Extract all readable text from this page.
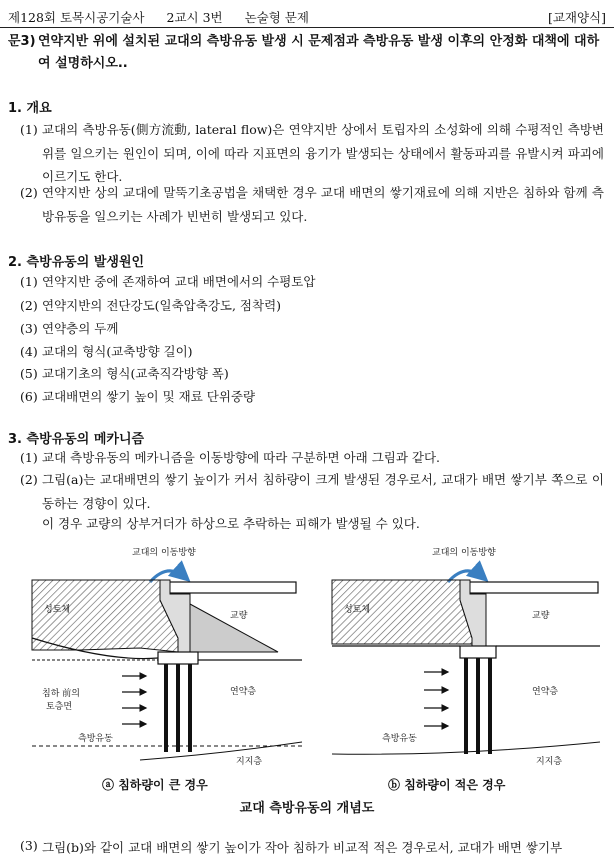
제128회 토목시공기술사 2교시 3번 논술형 문제	[교재양식]
문3) 연약지반 위에 설치된 교대의 측방유동 발생 시 문제점과 측방유동 발생 이후의 안정화 대책에 대하여 설명하시오..
1. 개요
(1) 교대의 측방유동(側方流動, lateral flow)은 연약지반 상에서 토립자의 소성화에 의해 수평적인 측방변위를 일으키는 원인이 되며, 이에 따라 지표면의 융기가 발생되는 상태에서 활동파괴를 유발시켜 파괴에 이르기도 한다.
(2) 연약지반 상의 교대에 말뚝기초공법을 채택한 경우 교대 배면의 쌓기재료에 의해 지반은 침하와 함께 측방유동을 일으키는 사례가 빈번히 발생되고 있다.
2. 측방유동의 발생원인
(1) 연약지반 중에 존재하여 교대 배면에서의 수평토압
(2) 연약지반의 전단강도(일축압축강도, 점착력)
(3) 연약층의 두께
(4) 교대의 형식(교축방향 길이)
(5) 교대기초의 형식(교축직각방향 폭)
(6) 교대배면의 쌓기 높이 및 재료 단위중량
3. 측방유동의 메카니즘
(1) 교대 측방유동의 메카니즘을 이동방향에 따라 구분하면 아래 그림과 같다.
(2) 그림(a)는 교대배면의 쌓기 높이가 커서 침하량이 크게 발생된 경우로서, 교대가 배면 쌓기부 쪽으로 이동하는 경향이 있다.
이 경우 교량의 상부거더가 하상으로 추락하는 피해가 발생될 수 있다.
교대의 이동방향
성토체
교량
침하 前의
토층면
측방유동
연약층
지지층
교대의 이동방향
성토체
교량
측방유동
연약층
지지층
ⓐ 침하량이 큰 경우	ⓑ 침하량이 적은 경우
교대 측방유동의 개념도
(3) 그림(b)와 같이 교대 배면의 쌓기 높이가 작아 침하가 비교적 적은 경우로서, 교대가 배면 쌓기부
